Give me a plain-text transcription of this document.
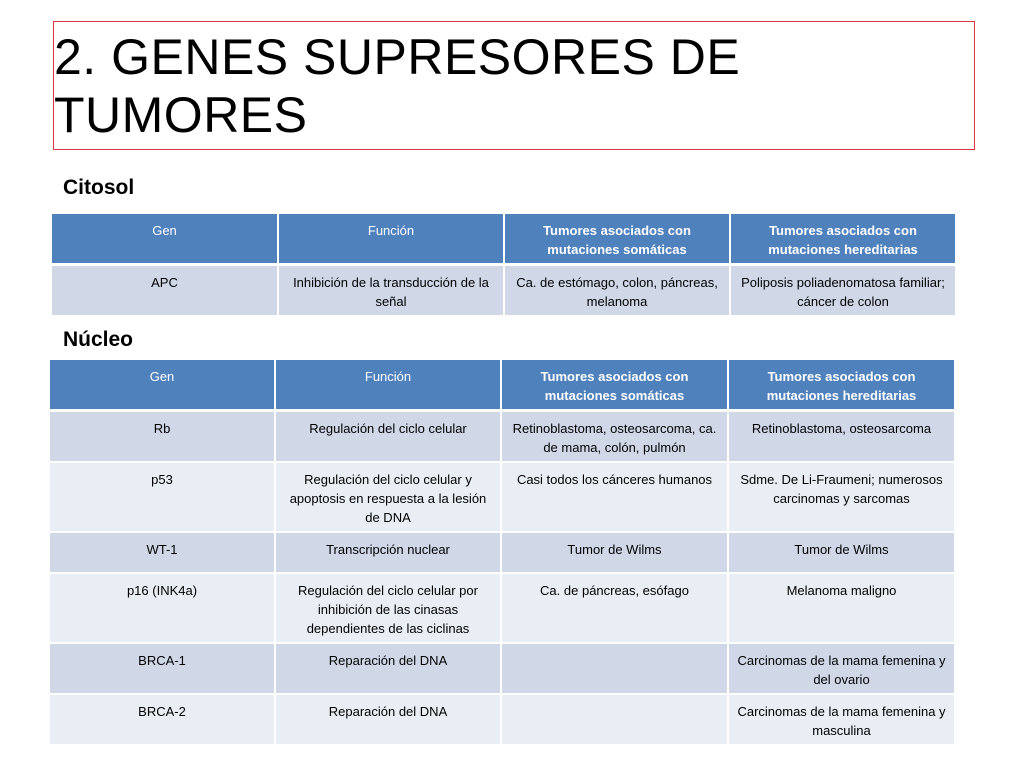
2. GENES SUPRESORES DE TUMORES
Citosol
Gen	Función	Tumores asociados con mutaciones somáticas	Tumores asociados con mutaciones hereditarias
APC	Inhibición de la transducción de la señal	Ca. de estómago, colon, páncreas, melanoma	Poliposis poliadenomatosa familiar; cáncer de colon
Núcleo
Gen	Función	Tumores asociados con mutaciones somáticas	Tumores asociados con mutaciones hereditarias
Rb	Regulación del ciclo celular	Retinoblastoma, osteosarcoma, ca. de mama, colón, pulmón	Retinoblastoma, osteosarcoma
p53	Regulación del ciclo celular y apoptosis en respuesta a la lesión de DNA	Casi todos los cánceres humanos	Sdme. De Li-Fraumeni; numerosos carcinomas y sarcomas
WT-1	Transcripción nuclear	Tumor de Wilms	Tumor de Wilms
p16 (INK4a)	Regulación del ciclo celular por inhibición de las cinasas dependientes de las ciclinas	Ca. de páncreas, esófago	Melanoma maligno
BRCA-1	Reparación del DNA		Carcinomas de la mama femenina y del ovario
BRCA-2	Reparación del DNA		Carcinomas de la mama femenina y masculina
